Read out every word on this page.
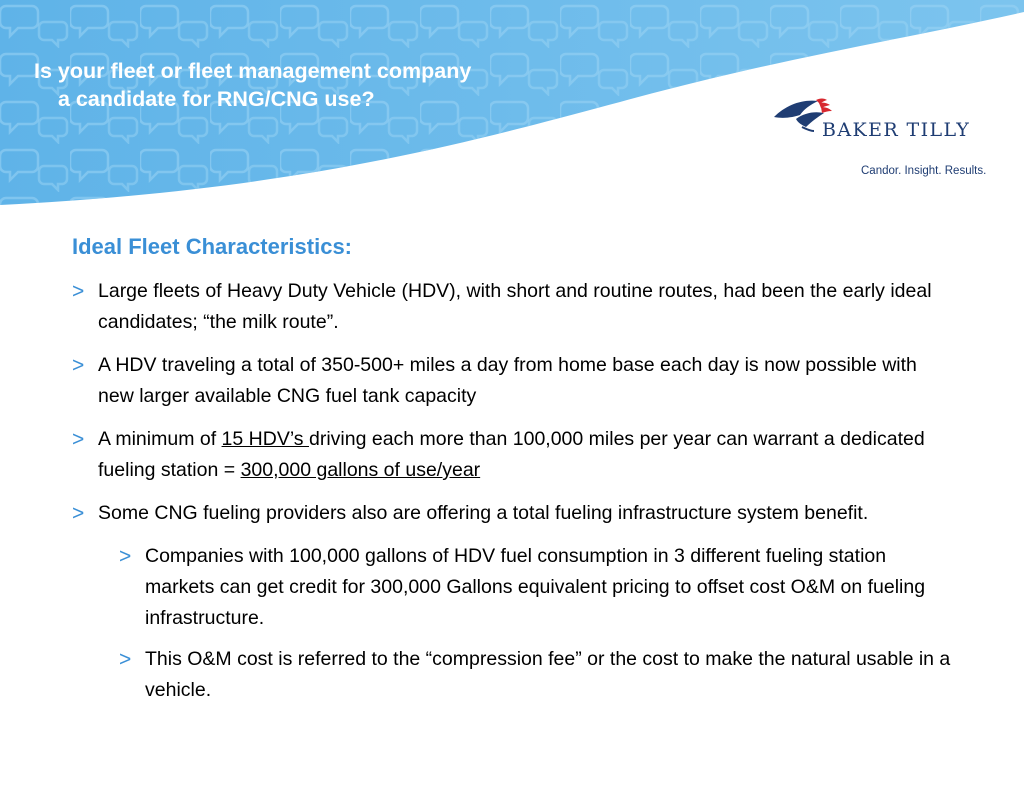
Is your fleet or fleet management company
a candidate for RNG/CNG use?
BAKER TILLY
Candor. Insight. Results.
Ideal Fleet Characteristics:
> Large fleets of Heavy Duty Vehicle (HDV), with short and routine routes, had been the early ideal candidates; “the milk route”.
> A HDV traveling a total of 350-500+ miles a day from home base each day is now possible with new larger available CNG fuel tank capacity
> A minimum of 15 HDV’s driving each more than 100,000 miles per year can warrant a dedicated fueling station = 300,000 gallons of use/year
> Some CNG fueling providers also are offering a total fueling infrastructure system benefit.
> Companies with 100,000 gallons of HDV fuel consumption in 3 different fueling station markets can get credit for 300,000 Gallons equivalent pricing to offset cost O&M on fueling infrastructure.
> This O&M cost is referred to the “compression fee” or the cost to make the natural usable in a vehicle.
